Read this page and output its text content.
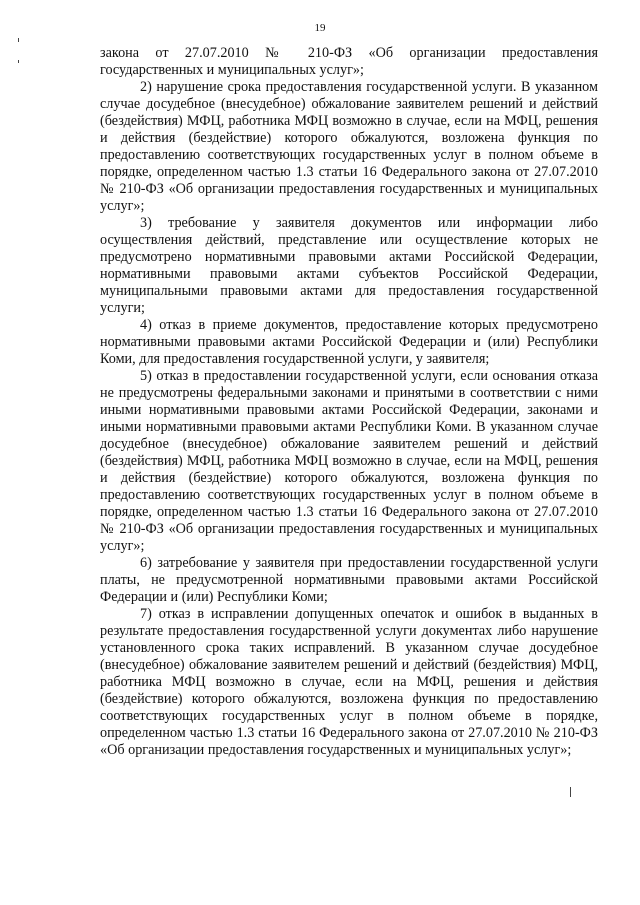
19

закона от 27.07.2010 № 210-ФЗ «Об организации предоставления государственных и муниципальных услуг»;

2) нарушение срока предоставления государственной услуги. В указанном случае досудебное (внесудебное) обжалование заявителем решений и действий (бездействия) МФЦ, работника МФЦ возможно в случае, если на МФЦ, решения и действия (бездействие) которого обжалуются, возложена функция по предоставлению соответствующих государственных услуг в полном объеме в порядке, определенном частью 1.3 статьи 16 Федерального закона от 27.07.2010 № 210-ФЗ «Об организации предоставления государственных и муниципальных услуг»;

3) требование у заявителя документов или информации либо осуществления действий, представление или осуществление которых не предусмотрено нормативными правовыми актами Российской Федерации, нормативными правовыми актами субъектов Российской Федерации, муниципальными правовыми актами для предоставления государственной услуги;

4) отказ в приеме документов, предоставление которых предусмотрено нормативными правовыми актами Российской Федерации и (или) Республики Коми, для предоставления государственной услуги, у заявителя;

5) отказ в предоставлении государственной услуги, если основания отказа не предусмотрены федеральными законами и принятыми в соответствии с ними иными нормативными правовыми актами Российской Федерации, законами и иными нормативными правовыми актами Республики Коми. В указанном случае досудебное (внесудебное) обжалование заявителем решений и действий (бездействия) МФЦ, работника МФЦ возможно в случае, если на МФЦ, решения и действия (бездействие) которого обжалуются, возложена функция по предоставлению соответствующих государственных услуг в полном объеме в порядке, определенном частью 1.3 статьи 16 Федерального закона от 27.07.2010 № 210-ФЗ «Об организации предоставления государственных и муниципальных услуг»;

6) затребование у заявителя при предоставлении государственной услуги платы, не предусмотренной нормативными правовыми актами Российской Федерации и (или) Республики Коми;

7) отказ в исправлении допущенных опечаток и ошибок в выданных в результате предоставления государственной услуги документах либо нарушение установленного срока таких исправлений. В указанном случае досудебное (внесудебное) обжалование заявителем решений и действий (бездействия) МФЦ, работника МФЦ возможно в случае, если на МФЦ, решения и действия (бездействие) которого обжалуются, возложена функция по предоставлению соответствующих государственных услуг в полном объеме в порядке, определенном частью 1.3 статьи 16 Федерального закона от 27.07.2010 № 210-ФЗ «Об организации предоставления государственных и муниципальных услуг»;
